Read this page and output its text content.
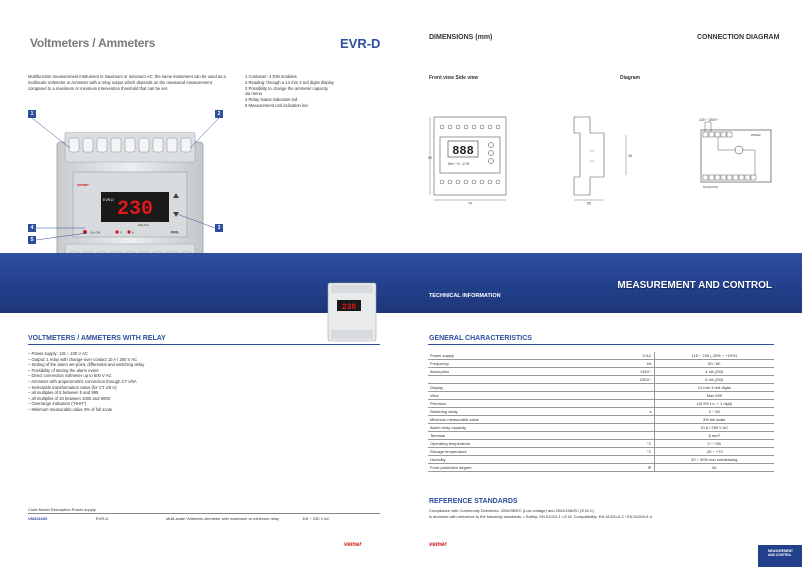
Voltmeters / Ammeters	EVR-D	DIMENSIONS (mm)	CONNECTION DIAGRAM
Front view Side view	Diagram
Multifunction measurement instrument in maximum or minimum AC: the same instrument can be used as a multiscale Voltmeter or Ammeter with a relay output which depends on the measured measurement compared to a maximum or minimum intervention threshold that can be set.
1 Container: 4 DIN modules
2 Reading: through a 14 mm 3 red digits display
3 Possibility to change the ammeter capacity
via menu
4 Relay status indication led
5 Measurement unit indication led
230
EVR-D
vemer
Input V(ac) 230V F+
Relè 10A
Out ON	V	A	PRG
1	2
4	3
5
888
Div+ +C -C+E
70
90
65
45
115 ÷ 230V~
230Vac
5A/1A/0.5A
230
MEASUREMENT AND CONTROL
TECHNICAL INFORMATION
VOLTMETERS / AMMETERS WITH RELAY
– Power supply: 115 ÷ 230 V AC
– Output: 1 relay with change-over contact 10 A / 250 V AC
– Setting of the alarm set-point, differential and switching delay
– Possibility of storing the alarm event
– Direct connection voltmeter up to 600 V AC
– Ammeter with amperometric connection through CT x/5A
– Selectable transformation ratios (for CT x/5 A):
– all multiples of 5 between 5 and 995
– all multiples of 10 between 1000 and 8000
– Overrange indication ("HHH")
– Minimum measurable value 3% of full scale
GENERAL CHARACTERISTICS
Power supply	V AC	115 ÷ 230 (-15% ÷ +10%)
Frequency	Hz	50 / 60
Absorption	115V~	4 VA (2W)
	230V~	6 VA (2W)
Display		14 mm 3 red digits
View		Max 999
Precision		±(0.5% f.s. + 1 digit)
Switching delay	s	0 ÷ 60
Minimum measurable value		3% full scale
Alarm relay capacity		10 A / 250 V AC
Terminal		6 mm²
Operating temperature	°C	0 ÷ +50
Storage temperature	°C	-20 ÷ +70
Humidity		20 ÷ 90% non condensing
Front protection degree	IP	40
REFERENCE STANDARDS
Compliance with Community Directives: 2006/95/EC (Low voltage) and 2004/108/EC (E.M.C)
is declared with reference to the following standards: • Safety: EN 61010-1 • E.M. Compatibility: EN 61000-6-2 / EN 61000-6-4
Code Model Description Power supply
VM331600	EVR-D	Multi-scale Voltmeter-Ammeter with maximum or minimum relay	115 ÷ 230 V AC
vemer	vemer
MEASUREMENT
AND CONTROL
